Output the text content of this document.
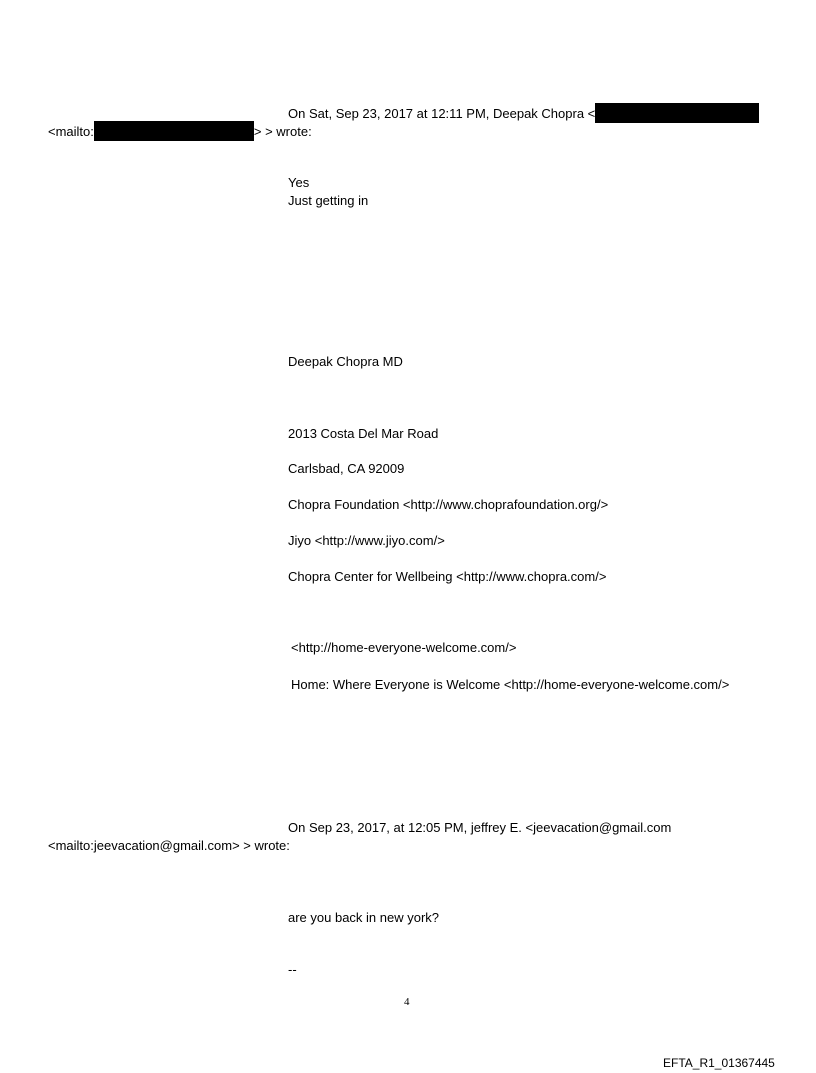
On Sat, Sep 23, 2017 at 12:11 PM, Deepak Chopra <
<mailto:	> > wrote:
Yes
Just getting in
Deepak Chopra MD
2013 Costa Del Mar Road
Carlsbad, CA 92009
Chopra Foundation <http://www.choprafoundation.org/>
Jiyo <http://www.jiyo.com/>
Chopra Center for Wellbeing <http://www.chopra.com/>
<http://home-everyone-welcome.com/>
Home: Where Everyone is Welcome <http://home-everyone-welcome.com/>
On Sep 23, 2017, at 12:05 PM, jeffrey E. <jeevacation@gmail.com
<mailto:jeevacation@gmail.com> > wrote:
are you back in new york?
--
4
EFTA_R1_01367445
